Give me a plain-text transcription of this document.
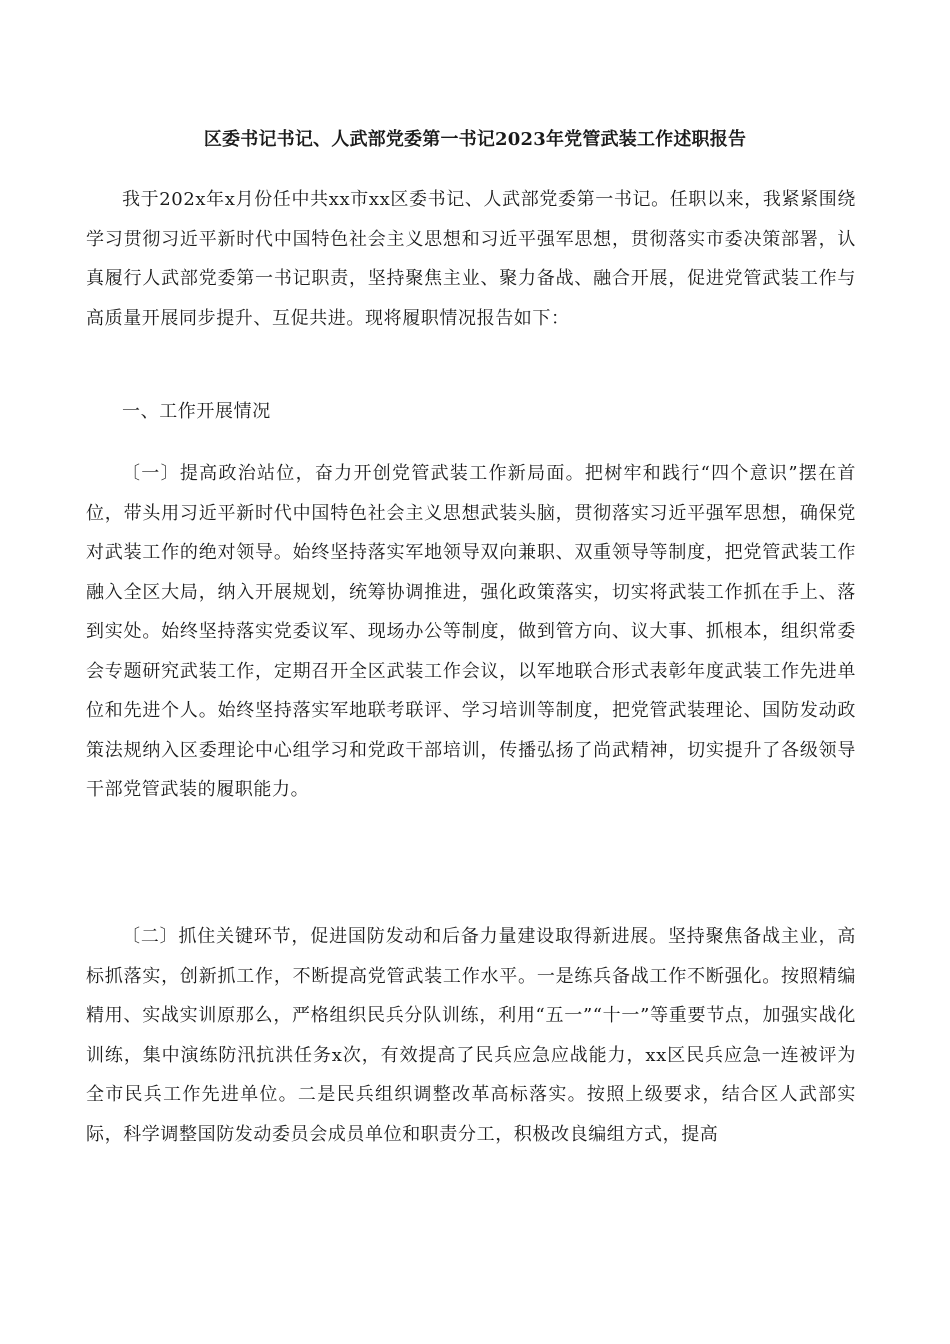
区委书记书记、人武部党委第一书记2023年党管武装工作述职报告

我于202x年x月份任中共xx市xx区委书记、人武部党委第一书记。任职以来，我紧紧围绕学习贯彻习近平新时代中国特色社会主义思想和习近平强军思想，贯彻落实市委决策部署，认真履行人武部党委第一书记职责，坚持聚焦主业、聚力备战、融合开展，促进党管武装工作与高质量开展同步提升、互促共进。现将履职情况报告如下：

一、工作开展情况

〔一〕提高政治站位，奋力开创党管武装工作新局面。把树牢和践行“四个意识”摆在首位，带头用习近平新时代中国特色社会主义思想武装头脑，贯彻落实习近平强军思想，确保党对武装工作的绝对领导。始终坚持落实军地领导双向兼职、双重领导等制度，把党管武装工作融入全区大局，纳入开展规划，统筹协调推进，强化政策落实，切实将武装工作抓在手上、落到实处。始终坚持落实党委议军、现场办公等制度，做到管方向、议大事、抓根本，组织常委会专题研究武装工作，定期召开全区武装工作会议，以军地联合形式表彰年度武装工作先进单位和先进个人。始终坚持落实军地联考联评、学习培训等制度，把党管武装理论、国防发动政策法规纳入区委理论中心组学习和党政干部培训，传播弘扬了尚武精神，切实提升了各级领导干部党管武装的履职能力。

〔二〕抓住关键环节，促进国防发动和后备力量建设取得新进展。坚持聚焦备战主业，高标抓落实，创新抓工作，不断提高党管武装工作水平。一是练兵备战工作不断强化。按照精编精用、实战实训原那么，严格组织民兵分队训练，利用“五一”“十一”等重要节点，加强实战化训练，集中演练防汛抗洪任务x次，有效提高了民兵应急应战能力，xx区民兵应急一连被评为全市民兵工作先进单位。二是民兵组织调整改革高标落实。按照上级要求，结合区人武部实际，科学调整国防发动委员会成员单位和职责分工，积极改良编组方式，提高
